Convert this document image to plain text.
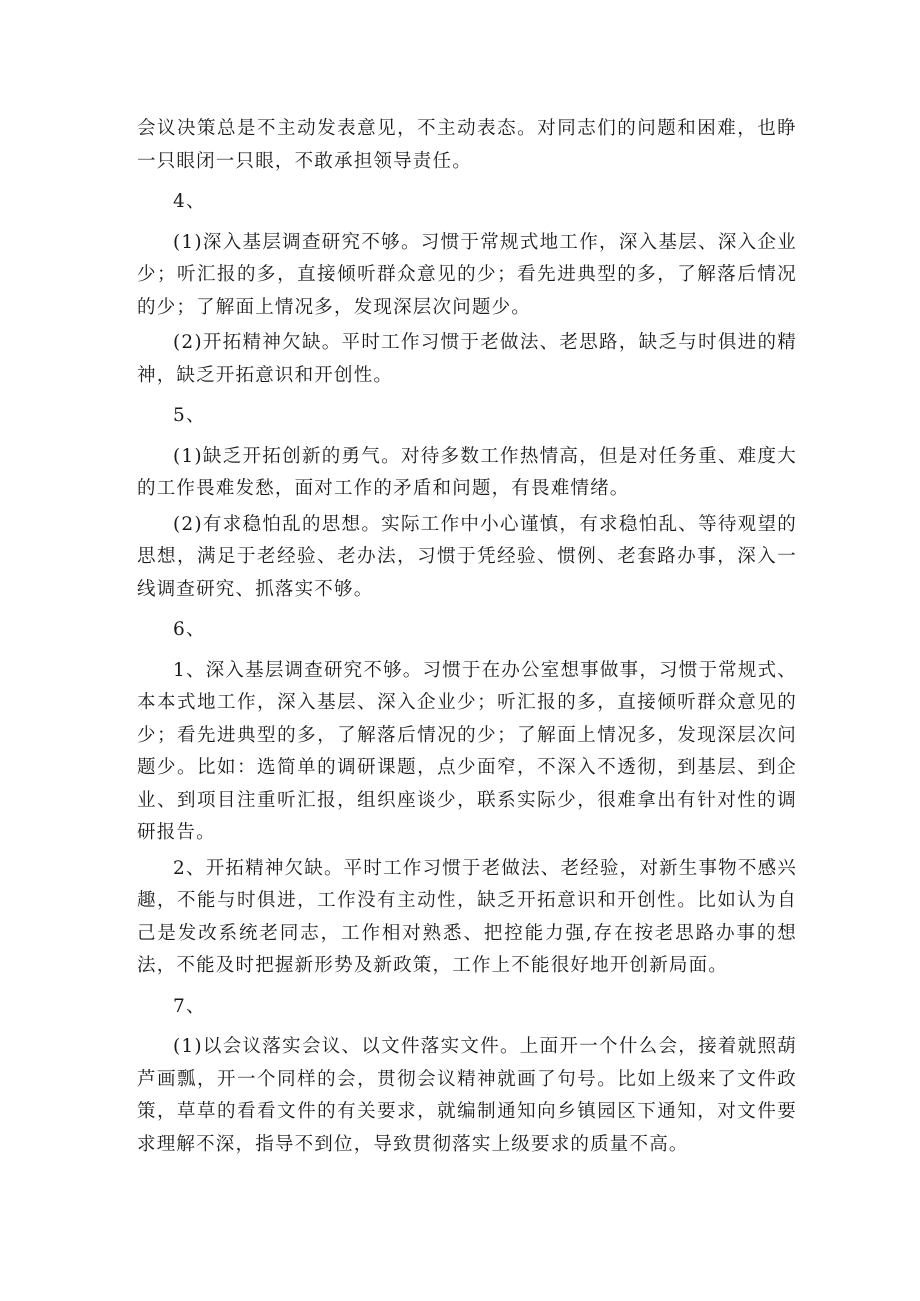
会议决策总是不主动发表意见，不主动表态。对同志们的问题和困难，也睁一只眼闭一只眼，不敢承担领导责任。

4、

(1)深入基层调查研究不够。习惯于常规式地工作，深入基层、深入企业少；听汇报的多，直接倾听群众意见的少；看先进典型的多，了解落后情况的少；了解面上情况多，发现深层次问题少。

(2)开拓精神欠缺。平时工作习惯于老做法、老思路，缺乏与时俱进的精神，缺乏开拓意识和开创性。

5、

(1)缺乏开拓创新的勇气。对待多数工作热情高，但是对任务重、难度大的工作畏难发愁，面对工作的矛盾和问题，有畏难情绪。

(2)有求稳怕乱的思想。实际工作中小心谨慎，有求稳怕乱、等待观望的思想，满足于老经验、老办法，习惯于凭经验、惯例、老套路办事，深入一线调查研究、抓落实不够。

6、

1、深入基层调查研究不够。习惯于在办公室想事做事，习惯于常规式、本本式地工作，深入基层、深入企业少；听汇报的多，直接倾听群众意见的少；看先进典型的多，了解落后情况的少；了解面上情况多，发现深层次问题少。比如：选简单的调研课题，点少面窄，不深入不透彻，到基层、到企业、到项目注重听汇报，组织座谈少，联系实际少，很难拿出有针对性的调研报告。

2、开拓精神欠缺。平时工作习惯于老做法、老经验，对新生事物不感兴趣，不能与时俱进，工作没有主动性，缺乏开拓意识和开创性。比如认为自己是发改系统老同志，工作相对熟悉、把控能力强,存在按老思路办事的想法，不能及时把握新形势及新政策，工作上不能很好地开创新局面。

7、

(1)以会议落实会议、以文件落实文件。上面开一个什么会，接着就照葫芦画瓢，开一个同样的会，贯彻会议精神就画了句号。比如上级来了文件政策，草草的看看文件的有关要求，就编制通知向乡镇园区下通知，对文件要求理解不深，指导不到位，导致贯彻落实上级要求的质量不高。
